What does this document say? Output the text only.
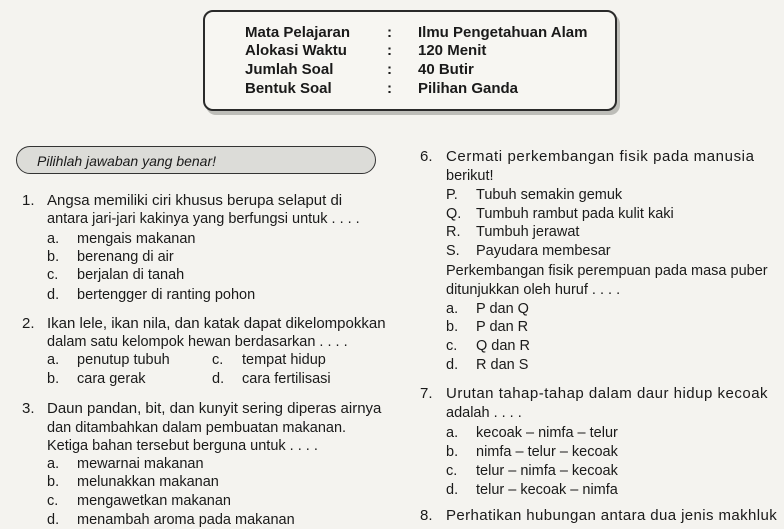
Mata Pelajaran : Ilmu Pengetahuan Alam
Alokasi Waktu	: 120 Menit
Jumlah Soal	: 40 Butir
Bentuk Soal	: Pilihan Ganda
Pilihlah jawaban yang benar!
1. Angsa memiliki ciri khusus berupa selaput di
antara jari-jari kakinya yang berfungsi untuk . . . .
a. mengais makanan
b. berenang di air
c. berjalan di tanah
d. bertengger di ranting pohon
2. Ikan lele, ikan nila, dan katak dapat dikelompokkan
dalam satu kelompok hewan berdasarkan . . . .
a. penutup tubuh	c. tempat hidup
b. cara gerak	d. cara fertilisasi
3. Daun pandan, bit, dan kunyit sering diperas airnya
dan ditambahkan dalam pembuatan makanan.
Ketiga bahan tersebut berguna untuk . . . .
a. mewarnai makanan
b. melunakkan makanan
c. mengawetkan makanan
d. menambah aroma pada makanan
6. Cermati perkembangan fisik pada manusia
berikut!
P. Tubuh semakin gemuk
Q. Tumbuh rambut pada kulit kaki
R. Tumbuh jerawat
S. Payudara membesar
Perkembangan fisik perempuan pada masa puber
ditunjukkan oleh huruf . . . .
a. P dan Q
b. P dan R
c. Q dan R
d. R dan S
7. Urutan tahap-tahap dalam daur hidup kecoak
adalah . . . .
a. kecoak – nimfa – telur
b. nimfa – telur – kecoak
c. telur – nimfa – kecoak
d. telur – kecoak – nimfa
8. Perhatikan hubungan antara dua jenis makhluk
